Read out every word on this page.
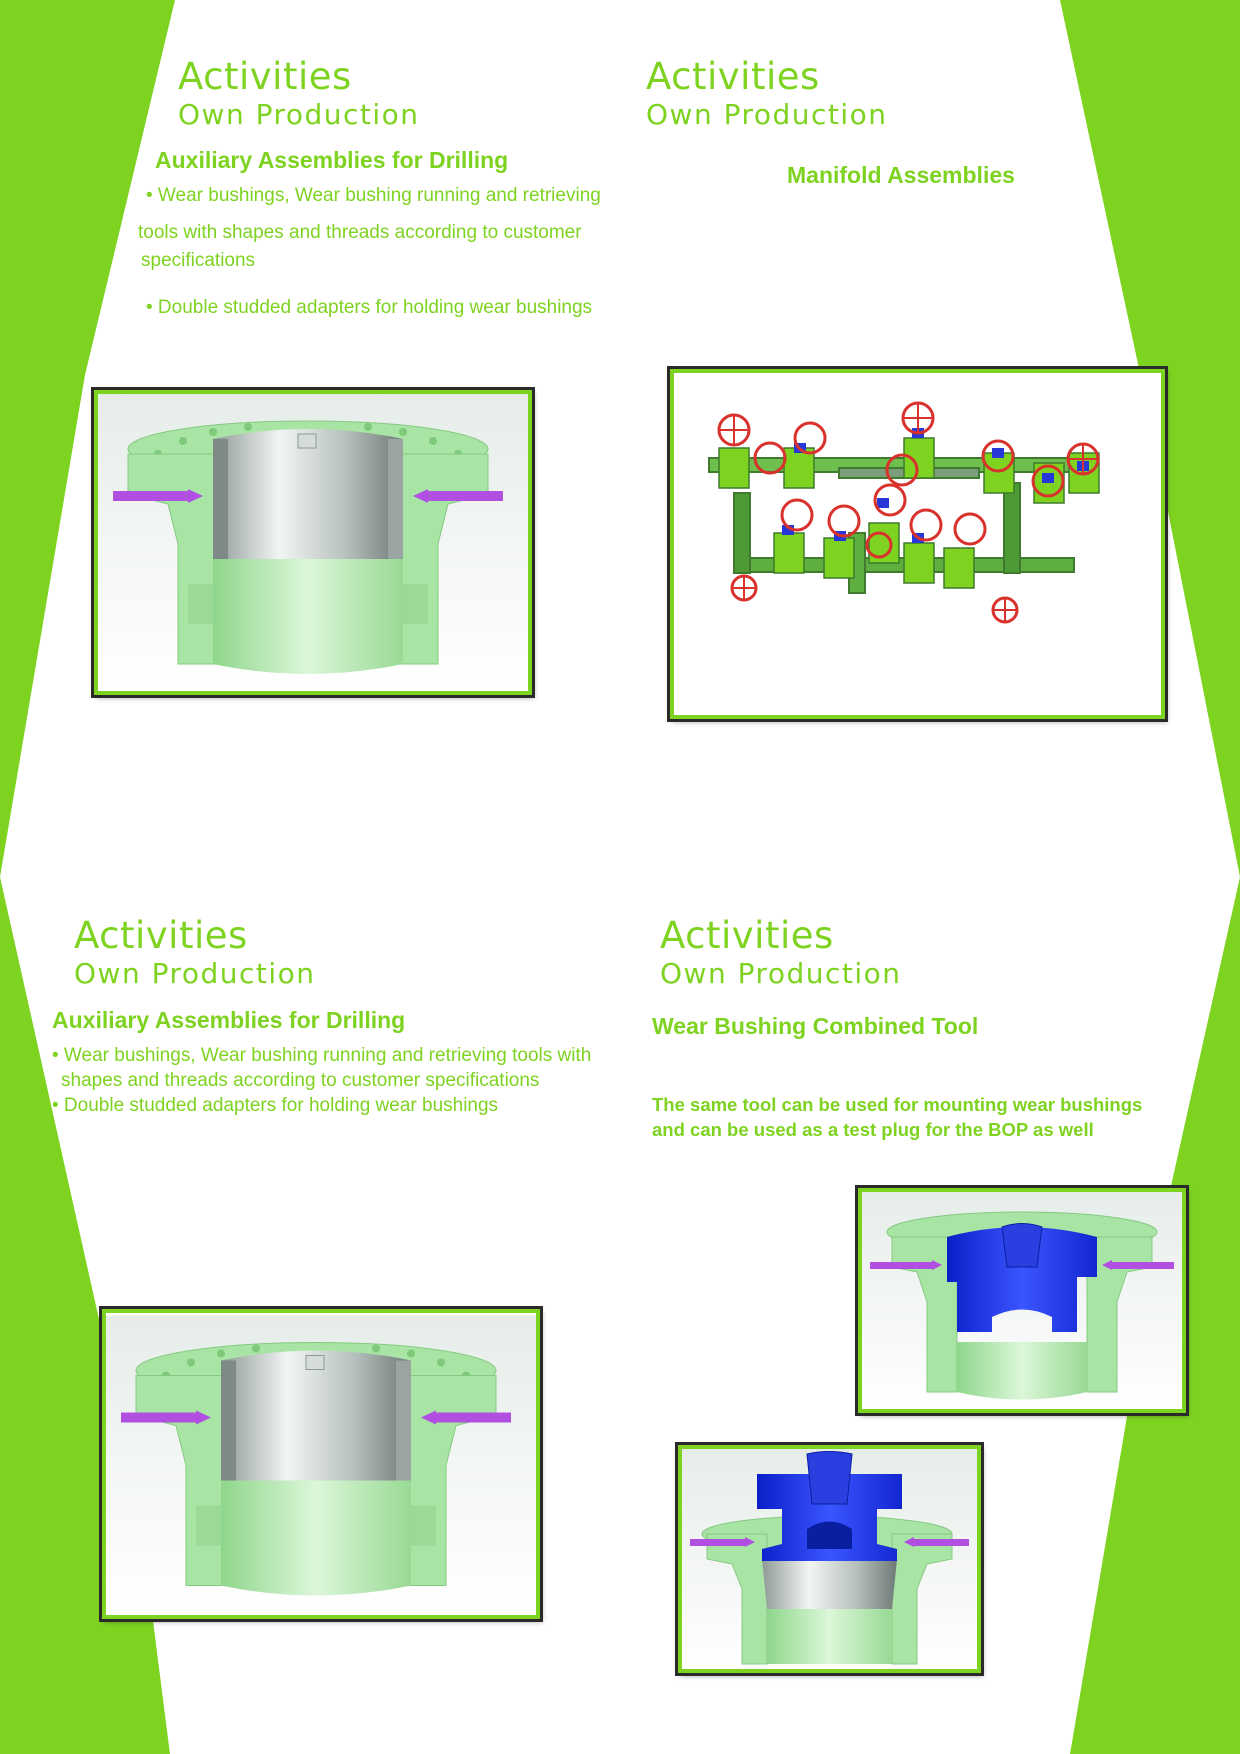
Activities
Own Production
Auxiliary Assemblies for Drilling
• Wear bushings, Wear bushing running and retrieving
tools with shapes and threads according to customer
specifications
• Double studded adapters for holding wear bushings
Activities
Own Production
Manifold Assemblies
Activities
Own Production
Auxiliary Assemblies for Drilling
• Wear bushings, Wear bushing running and retrieving tools with
shapes and threads according to customer specifications
• Double studded adapters for holding wear bushings
Activities
Own Production
Wear Bushing Combined Tool
The same tool can be used for mounting wear bushings
and can be used as a test plug for the BOP as well
